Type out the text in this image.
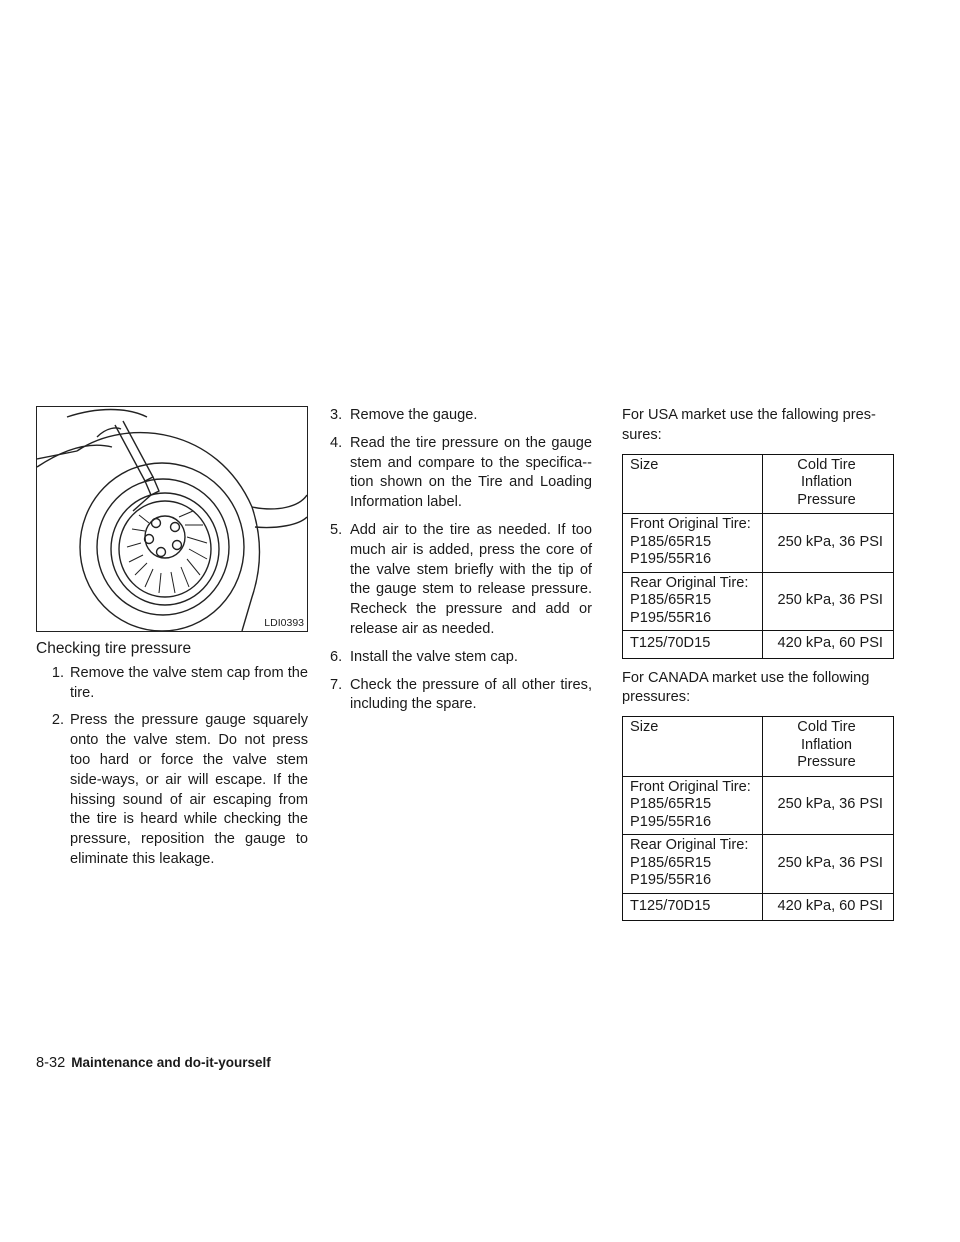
LDI0393
Checking tire pressure
1. Remove the valve stem cap from the tire.
2. Press the pressure gauge squarely onto the valve stem. Do not press too hard or force the valve stem side-ways, or air will escape. If the hissing sound of air escaping from the tire is heard while checking the pressure, reposition the gauge to eliminate this leakage.
3. Remove the gauge.
4. Read the tire pressure on the gauge stem and compare to the specifica-tion shown on the Tire and Loading Information label.
5. Add air to the tire as needed. If too much air is added, press the core of the valve stem briefly with the tip of the gauge stem to release pressure. Recheck the pressure and add or release air as needed.
6. Install the valve stem cap.
7. Check the pressure of all other tires, including the spare.

For USA market use the fallowing pres-sures:

Size	Cold Tire Inflation Pressure

Front Original Tire:
P185/65R15
P195/55R16	250 kPa, 36 PSI

Rear Original Tire:
P185/65R15
P195/55R16	250 kPa, 36 PSI
T125/70D15	420 kPa, 60 PSI

For CANADA market use the following pressures:

Size	Cold Tire Inflation Pressure

Front Original Tire:
P185/65R15
P195/55R16	250 kPa, 36 PSI

Rear Original Tire:
P185/65R15
P195/55R16	250 kPa, 36 PSI
T125/70D15	420 kPa, 60 PSI
8-32 Maintenance and do-it-yourself
